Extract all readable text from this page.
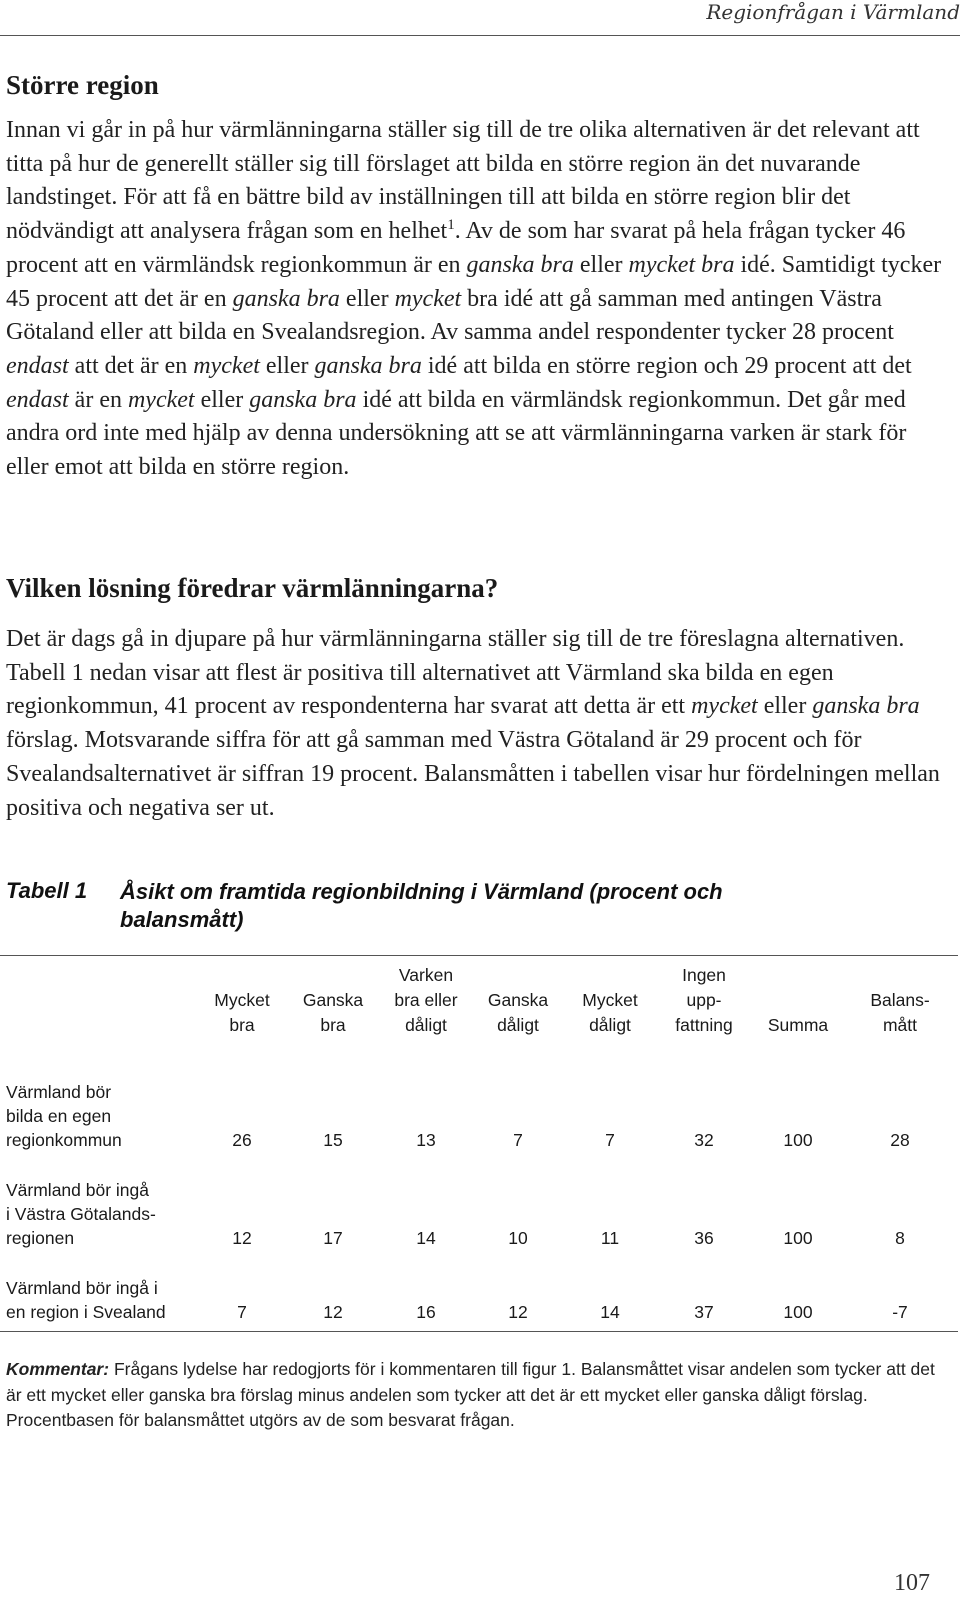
Regionfrågan i Värmland
Större region

Innan vi går in på hur värmlänningarna ställer sig till de tre olika alternativen är det relevant att titta på hur de generellt ställer sig till förslaget att bilda en större region än det nuvarande landstinget. För att få en bättre bild av inställningen till att bilda en större region blir det nödvändigt att analysera frågan som en helhet$^1$. Av de som har svarat på hela frågan tycker 46 procent att en värmländsk regionkommun är en ganska bra eller mycket bra idé. Samtidigt tycker 45 procent att det är en ganska bra eller mycket bra idé att gå samman med antingen Västra Götaland eller att bilda en Svealandsregion. Av samma andel respondenter tycker 28 procent endast att det är en mycket eller ganska bra idé att bilda en större region och 29 procent att det endast är en mycket eller ganska bra idé att bilda en värmländsk regionkommun. Det går med andra ord inte med hjälp av denna undersökning att se att värmlänningarna varken är stark för eller emot att bilda en större region.

Vilken lösning föredrar värmlänningarna?

Det är dags gå in djupare på hur värmlänningarna ställer sig till de tre föreslagna alternativen. Tabell 1 nedan visar att flest är positiva till alternativet att Värmland ska bilda en egen regionkommun, 41 procent av respondenterna har svarat att detta är ett mycket eller ganska bra förslag. Motsvarande siffra för att gå samman med Västra Götaland är 29 procent och för Svealandsalternativet är siffran 19 procent. Balansmåtten i tabellen visar hur fördelningen mellan positiva och negativa ser ut.

Tabell 1 Åsikt om framtida regionbildning i Värmland (procent och balansmått)
	Mycket
bra	Ganska
bra	Varken
bra eller
dåligt	Ganska
dåligt	Mycket
dåligt	Ingen
upp-
fattning	Summa	Balans-
mått
Värmland bör
bilda en egen
regionkommun	26	15	13	7	7	32	100	28
Värmland bör ingå
i Västra Götalands-
regionen	12	17	14	10	11	36	100	8
Värmland bör ingå i
en region i Svealand	7	12	16	12	14	37	100	-7

Kommentar: Frågans lydelse har redogjorts för i kommentaren till figur 1. Balansmåttet visar andelen som tycker att det är ett mycket eller ganska bra förslag minus andelen som tycker att det är ett mycket eller ganska dåligt förslag. Procentbasen för balansmåttet utgörs av de som besvarat frågan.

107
